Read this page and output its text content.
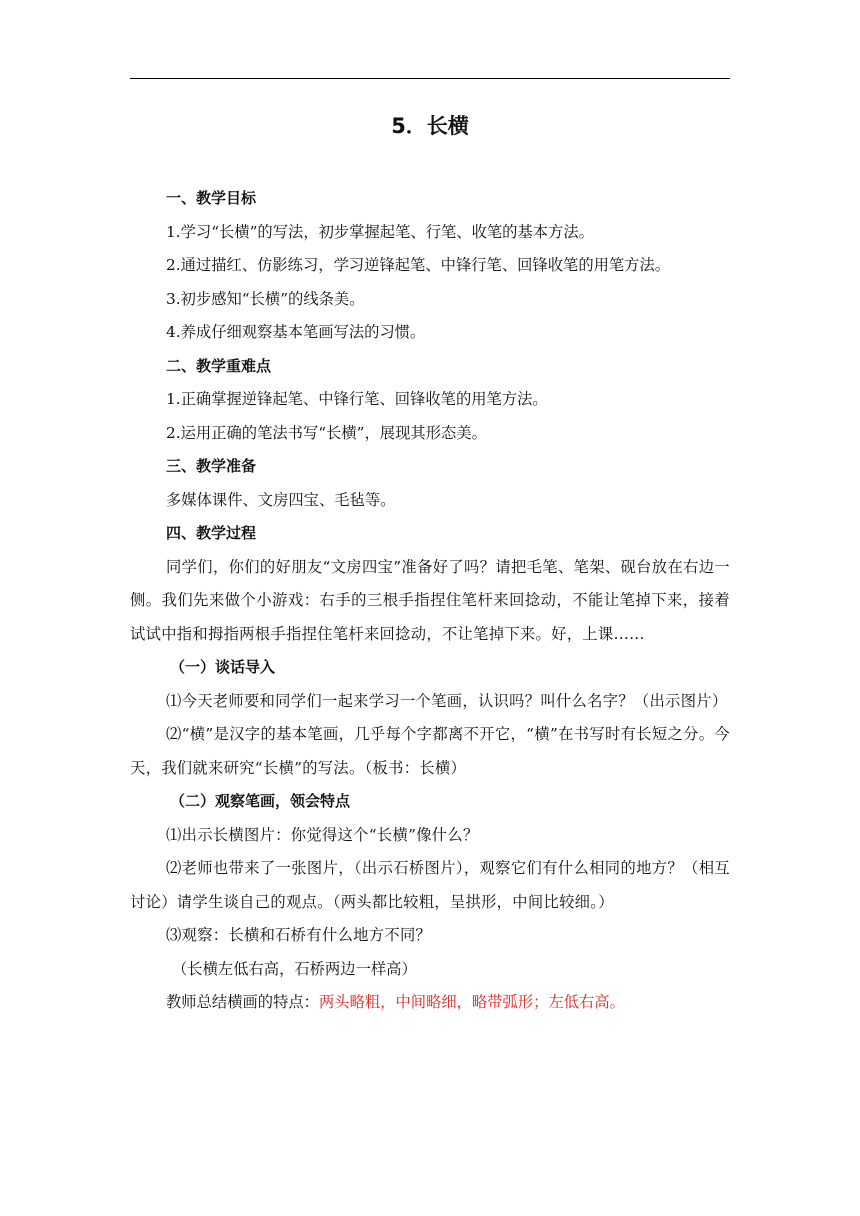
5．长横
一、教学目标
1.学习“长横”的写法，初步掌握起笔、行笔、收笔的基本方法。
2.通过描红、仿影练习，学习逆锋起笔、中锋行笔、回锋收笔的用笔方法。
3.初步感知“长横”的线条美。
4.养成仔细观察基本笔画写法的习惯。
二、教学重难点
1.正确掌握逆锋起笔、中锋行笔、回锋收笔的用笔方法。
2.运用正确的笔法书写“长横”，展现其形态美。
三、教学准备
多媒体课件、文房四宝、毛毡等。
四、教学过程

同学们，你们的好朋友“文房四宝”准备好了吗？请把毛笔、笔架、砚台放在右边一侧。我们先来做个小游戏：右手的三根手指捏住笔杆来回捻动，不能让笔掉下来，接着试试中指和拇指两根手指捏住笔杆来回捻动，不让笔掉下来。好，上课……

（一）谈话导入

⑴今天老师要和同学们一起来学习一个笔画，认识吗？叫什么名字？（出示图片）

⑵“横”是汉字的基本笔画，几乎每个字都离不开它，“横”在书写时有长短之分。今天，我们就来研究“长横”的写法。（板书：长横）

（二）观察笔画，领会特点

⑴出示长横图片：你觉得这个“长横”像什么？

⑵老师也带来了一张图片，（出示石桥图片），观察它们有什么相同的地方？（相互讨论）请学生谈自己的观点。（两头都比较粗，呈拱形，中间比较细。）

⑶观察：长横和石桥有什么地方不同？

（长横左低右高，石桥两边一样高）
教师总结横画的特点：两头略粗，中间略细，略带弧形；左低右高。
